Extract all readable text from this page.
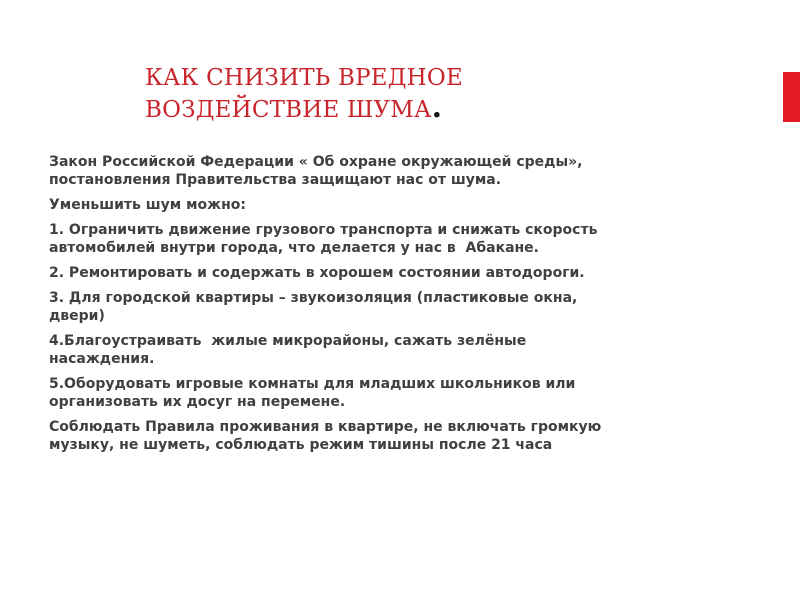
КАК СНИЗИТЬ ВРЕДНОЕ
ВОЗДЕЙСТВИЕ ШУМА.

Закон Российской Федерации « Об охране окружающей среды»,
постановления Правительства защищают нас от шума.

Уменьшить шум можно:

1. Ограничить движение грузового транспорта и снижать скорость
автомобилей внутри города, что делается у нас в  Абакане.

2. Ремонтировать и содержать в хорошем состоянии автодороги.

3. Для городской квартиры – звукоизоляция (пластиковые окна,
двери)

4.Благоустраивать  жилые микрорайоны, сажать зелёные
насаждения.

5.Оборудовать игровые комнаты для младших школьников или
организовать их досуг на перемене.

Соблюдать Правила проживания в квартире, не включать громкую
музыку, не шуметь, соблюдать режим тишины после 21 часа
